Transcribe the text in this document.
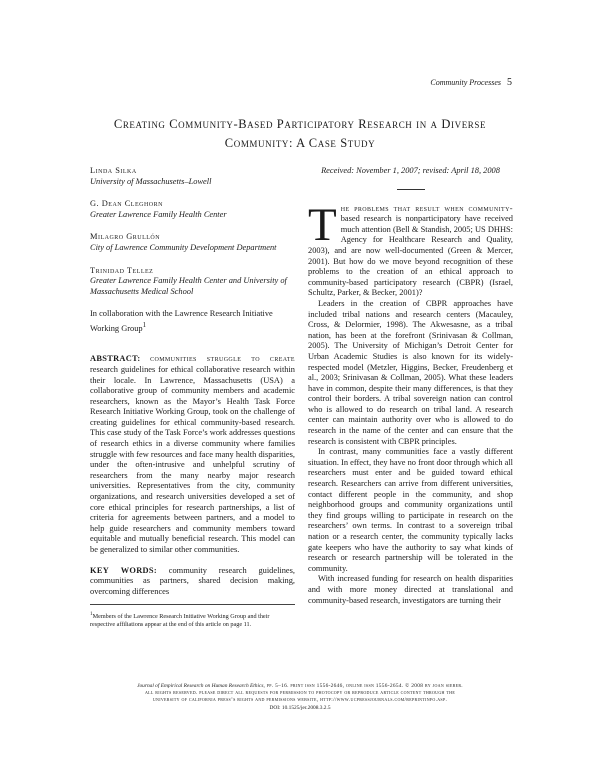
Community Processes 5
Creating Community-Based Participatory Research in a Diverse
Community: A Case Study
Linda Silka
University of Massachusetts–Lowell
G. Dean Cleghorn
Greater Lawrence Family Health Center
Milagro Grullón
City of Lawrence Community Development Department
Trinidad Tellez
Greater Lawrence Family Health Center and University of Massachusetts Medical School
In collaboration with the Lawrence Research Initiative Working Group$^1$
ABSTRACT: communities struggle to create research guidelines for ethical collaborative research within their locale. In Lawrence, Massachusetts (USA) a collaborative group of community members and academic researchers, known as the Mayor’s Health Task Force Research Initiative Working Group, took on the challenge of creating guidelines for ethical community-based research. This case study of the Task Force’s work addresses questions of research ethics in a diverse community where families struggle with few resources and face many health disparities, under the often-intrusive and unhelpful scrutiny of researchers from the many nearby major research universities. Representatives from the city, community organizations, and research universities developed a set of core ethical principles for research partnerships, a list of criteria for agreements between partners, and a model to help guide researchers and community members toward equitable and mutually beneficial research. This model can be generalized to similar other communities.
KEY WORDS: community research guidelines, communities as partners, shared decision making, overcoming differences
$^1$Members of the Lawrence Research Initiative Working Group and their respective affiliations appear at the end of this article on page 11.
Received: November 1, 2007; revised: April 18, 2008

The problems that result when community- based research is nonparticipatory have received much attention (Bell & Standish, 2005; US DHHS: Agency for Healthcare Research and Quality, 2003), and are now well-documented (Green & Mercer, 2001). But how do we move beyond recognition of these problems to the creation of an ethical approach to community-based participatory research (CBPR) (Israel, Schultz, Parker, & Becker, 2001)?

Leaders in the creation of CBPR approaches have included tribal nations and research centers (Macauley, Cross, & Delormier, 1998). The Akwesasne, as a tribal nation, has been at the forefront (Srinivasan & Collman, 2005). The University of Michigan’s Detroit Center for Urban Academic Studies is also known for its widely-respected model (Metzler, Higgins, Becker, Freudenberg et al., 2003; Srinivasan & Collman, 2005). What these leaders have in common, despite their many differences, is that they control their borders. A tribal sovereign nation can control who is allowed to do research on tribal land. A research center can maintain authority over who is allowed to do research in the name of the center and can ensure that the research is consistent with CBPR principles.

In contrast, many communities face a vastly different situation. In effect, they have no front door through which all researchers must enter and be guided toward ethical research. Researchers can arrive from different universities, contact different people in the community, and shop neighborhood groups and community organizations until they find groups willing to participate in research on the researchers’ own terms. In contrast to a sovereign tribal nation or a research center, the community typically lacks gate keepers who have the authority to say what kinds of research or research partnership will be tolerated in the community.

With increased funding for research on health disparities and with more money directed at translational and community-based research, investigators are turning their

Journal of Empirical Research on Human Research Ethics, pp. 5–16. print issn 1556-2646, online issn 1556-2654. © 2008 by joan sieber.
all rights reserved. please direct all requests for permission to photocopy or reproduce article content through the
university of california press’s rights and permissions website, http://www.ucpressjournals.com/reprintinfo.asp.
DOI: 10.1525/jer.2008.3.2.5
